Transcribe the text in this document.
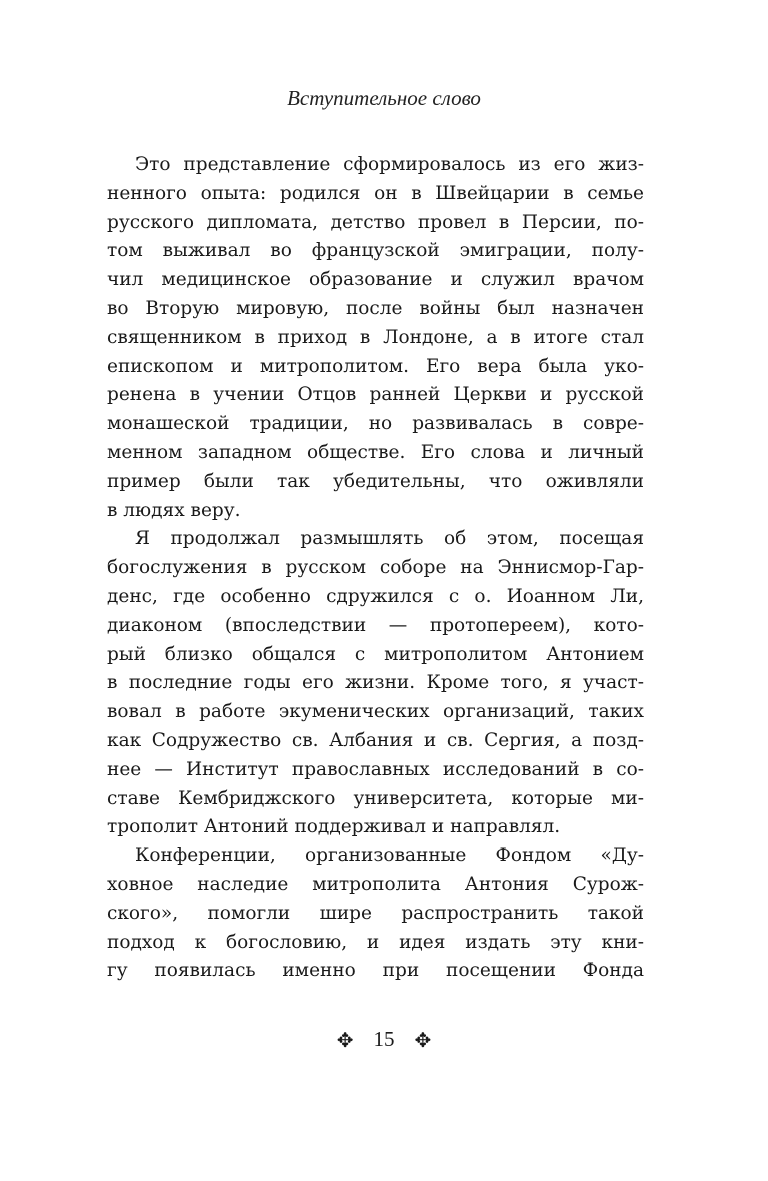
Вступительное слово
Это представление сформировалось из его жиз-
ненного опыта: родился он в Швейцарии в семье
русского дипломата, детство провел в Персии, по-
том выживал во французской эмиграции, полу-
чил медицинское образование и служил врачом
во Вторую мировую, после войны был назначен
священником в приход в Лондоне, а в итоге стал
епископом и митрополитом. Его вера была уко-
ренена в учении Отцов ранней Церкви и русской
монашеской традиции, но развивалась в совре-
менном западном обществе. Его слова и личный
пример были так убедительны, что оживляли
в людях веру.
Я продолжал размышлять об этом, посещая
богослужения в русском соборе на Эннисмор-Гар-
денс, где особенно сдружился с о. Иоанном Ли,
диаконом (впоследствии — протопереем), кото-
рый близко общался с митрополитом Антонием
в последние годы его жизни. Кроме того, я участ-
вовал в работе экуменических организаций, таких
как Содружество св. Албания и св. Сергия, а позд-
нее — Институт православных исследований в со-
ставе Кембриджского университета, которые ми-
трополит Антоний поддерживал и направлял.
Конференции, организованные Фондом «Ду-
ховное наследие митрополита Антония Сурож-
ского», помогли шире распространить такой
подход к богословию, и идея издать эту кни-
гу появилась именно при посещении Фонда
✥ 15 ✥
